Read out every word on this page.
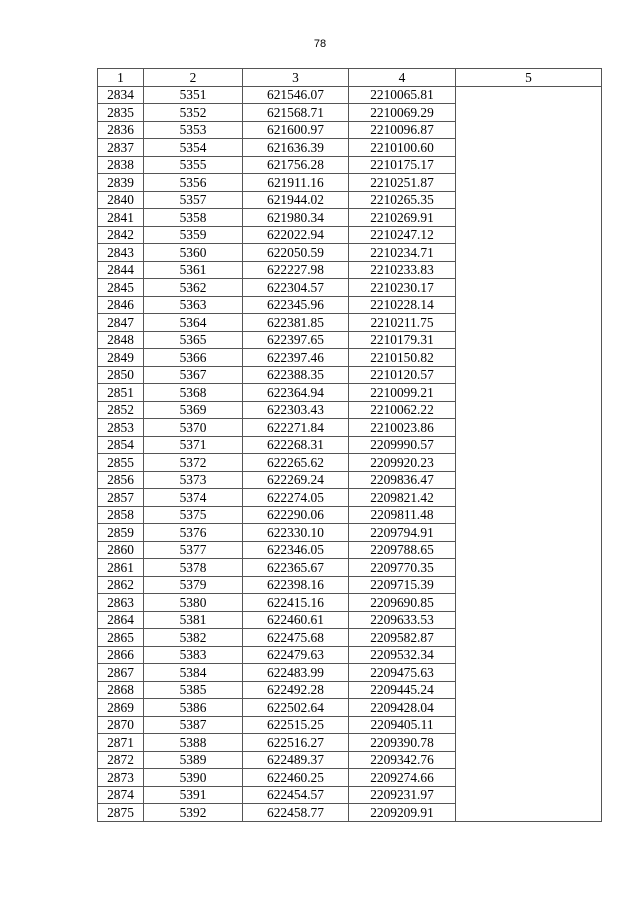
78
1	2	3	4	5
2834	5351	621546.07	2210065.81	
2835	5352	621568.71	2210069.29	
2836	5353	621600.97	2210096.87	
2837	5354	621636.39	2210100.60	
2838	5355	621756.28	2210175.17	
2839	5356	621911.16	2210251.87	
2840	5357	621944.02	2210265.35	
2841	5358	621980.34	2210269.91	
2842	5359	622022.94	2210247.12	
2843	5360	622050.59	2210234.71	
2844	5361	622227.98	2210233.83	
2845	5362	622304.57	2210230.17	
2846	5363	622345.96	2210228.14	
2847	5364	622381.85	2210211.75	
2848	5365	622397.65	2210179.31	
2849	5366	622397.46	2210150.82	
2850	5367	622388.35	2210120.57	
2851	5368	622364.94	2210099.21	
2852	5369	622303.43	2210062.22	
2853	5370	622271.84	2210023.86	
2854	5371	622268.31	2209990.57	
2855	5372	622265.62	2209920.23	
2856	5373	622269.24	2209836.47	
2857	5374	622274.05	2209821.42	
2858	5375	622290.06	2209811.48	
2859	5376	622330.10	2209794.91	
2860	5377	622346.05	2209788.65	
2861	5378	622365.67	2209770.35	
2862	5379	622398.16	2209715.39	
2863	5380	622415.16	2209690.85	
2864	5381	622460.61	2209633.53	
2865	5382	622475.68	2209582.87	
2866	5383	622479.63	2209532.34	
2867	5384	622483.99	2209475.63	
2868	5385	622492.28	2209445.24	
2869	5386	622502.64	2209428.04	
2870	5387	622515.25	2209405.11	
2871	5388	622516.27	2209390.78	
2872	5389	622489.37	2209342.76	
2873	5390	622460.25	2209274.66	
2874	5391	622454.57	2209231.97	
2875	5392	622458.77	2209209.91	
